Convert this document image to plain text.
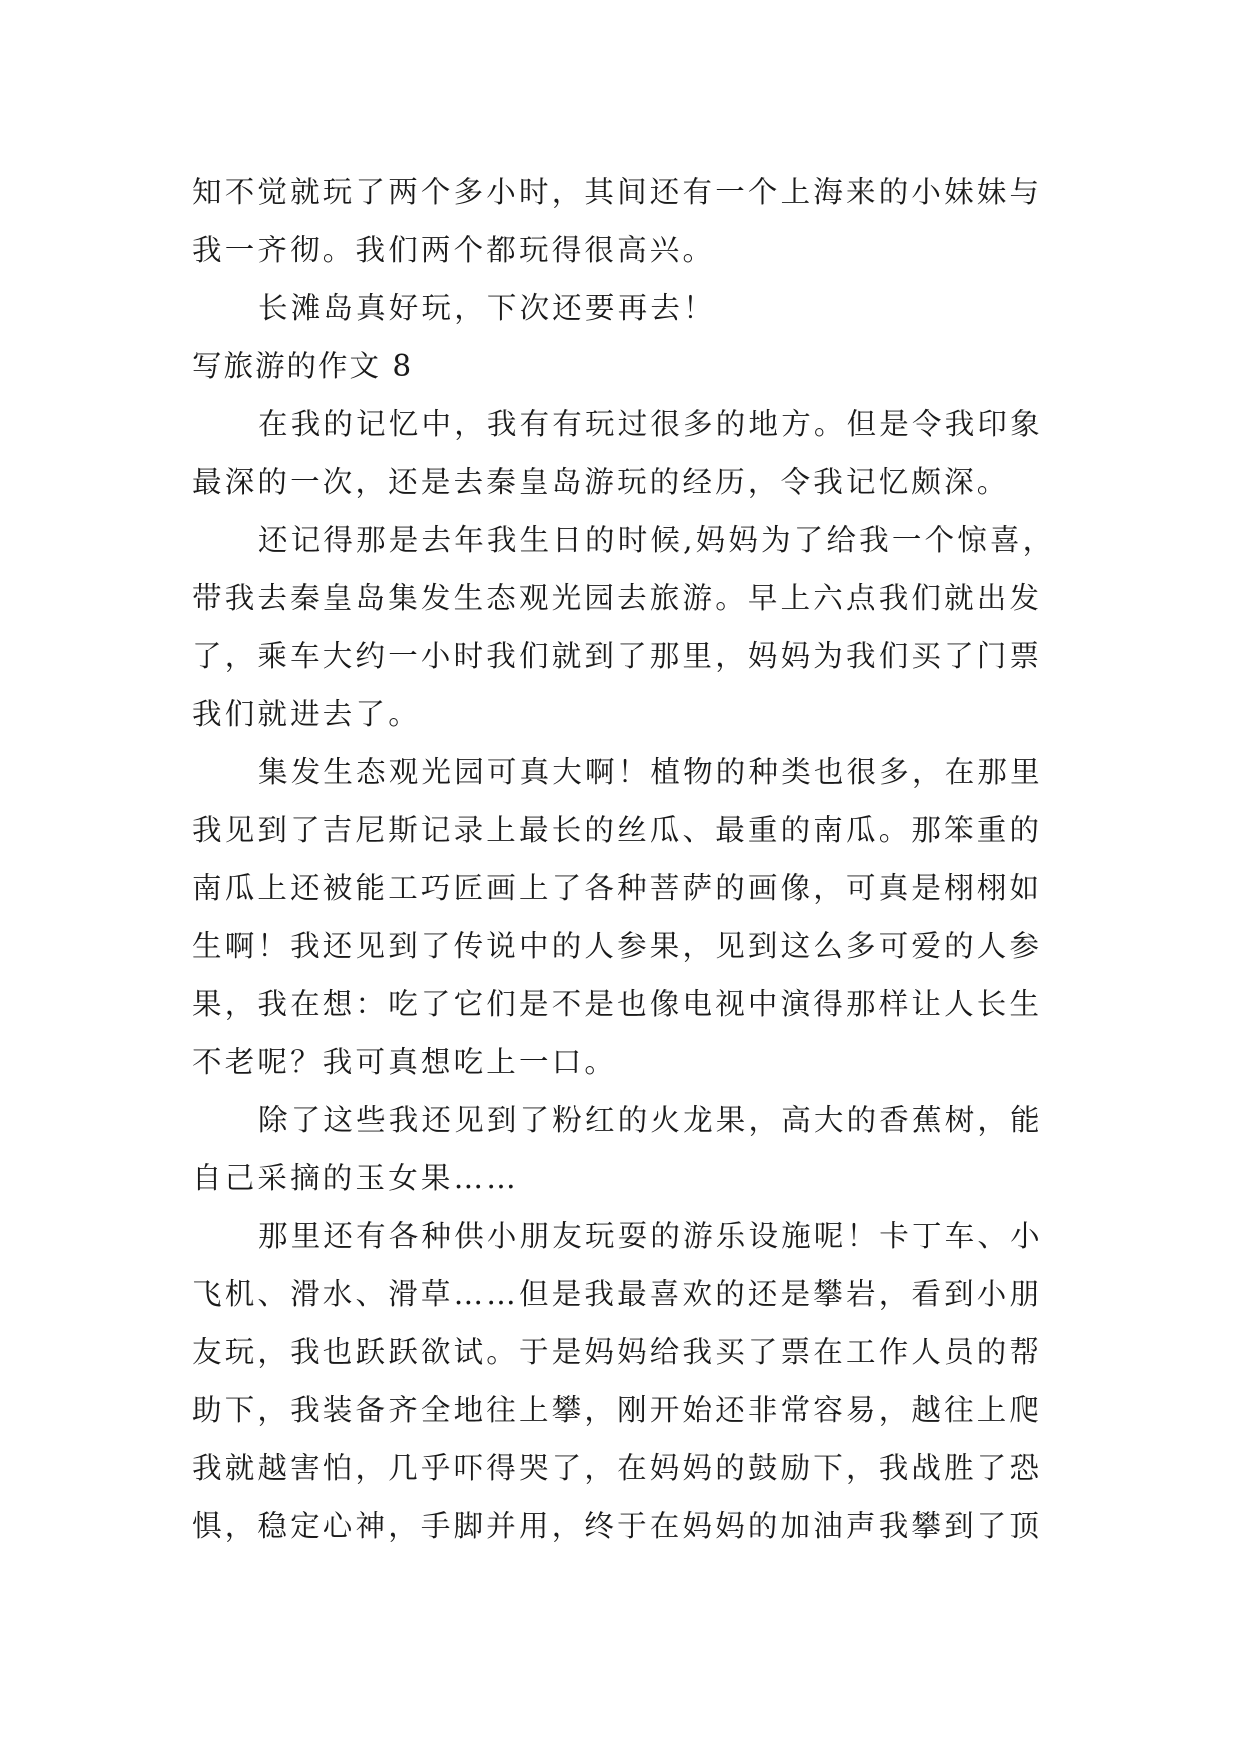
知不觉就玩了两个多小时，其间还有一个上海来的小妹妹与
我一齐彻。我们两个都玩得很高兴。
长滩岛真好玩，下次还要再去！
写旅游的作文 8
在我的记忆中，我有有玩过很多的地方。但是令我印象
最深的一次，还是去秦皇岛游玩的经历，令我记忆颇深。
还记得那是去年我生日的时候,妈妈为了给我一个惊喜，
带我去秦皇岛集发生态观光园去旅游。早上六点我们就出发
了，乘车大约一小时我们就到了那里，妈妈为我们买了门票
我们就进去了。
集发生态观光园可真大啊！植物的种类也很多，在那里
我见到了吉尼斯记录上最长的丝瓜、最重的南瓜。那笨重的
南瓜上还被能工巧匠画上了各种菩萨的画像，可真是栩栩如
生啊！我还见到了传说中的人参果，见到这么多可爱的人参
果，我在想：吃了它们是不是也像电视中演得那样让人长生
不老呢？我可真想吃上一口。
除了这些我还见到了粉红的火龙果，高大的香蕉树，能
自己采摘的玉女果……
那里还有各种供小朋友玩耍的游乐设施呢！卡丁车、小
飞机、滑水、滑草……但是我最喜欢的还是攀岩，看到小朋
友玩，我也跃跃欲试。于是妈妈给我买了票在工作人员的帮
助下，我装备齐全地往上攀，刚开始还非常容易，越往上爬
我就越害怕，几乎吓得哭了，在妈妈的鼓励下，我战胜了恐
惧，稳定心神，手脚并用，终于在妈妈的加油声我攀到了顶
